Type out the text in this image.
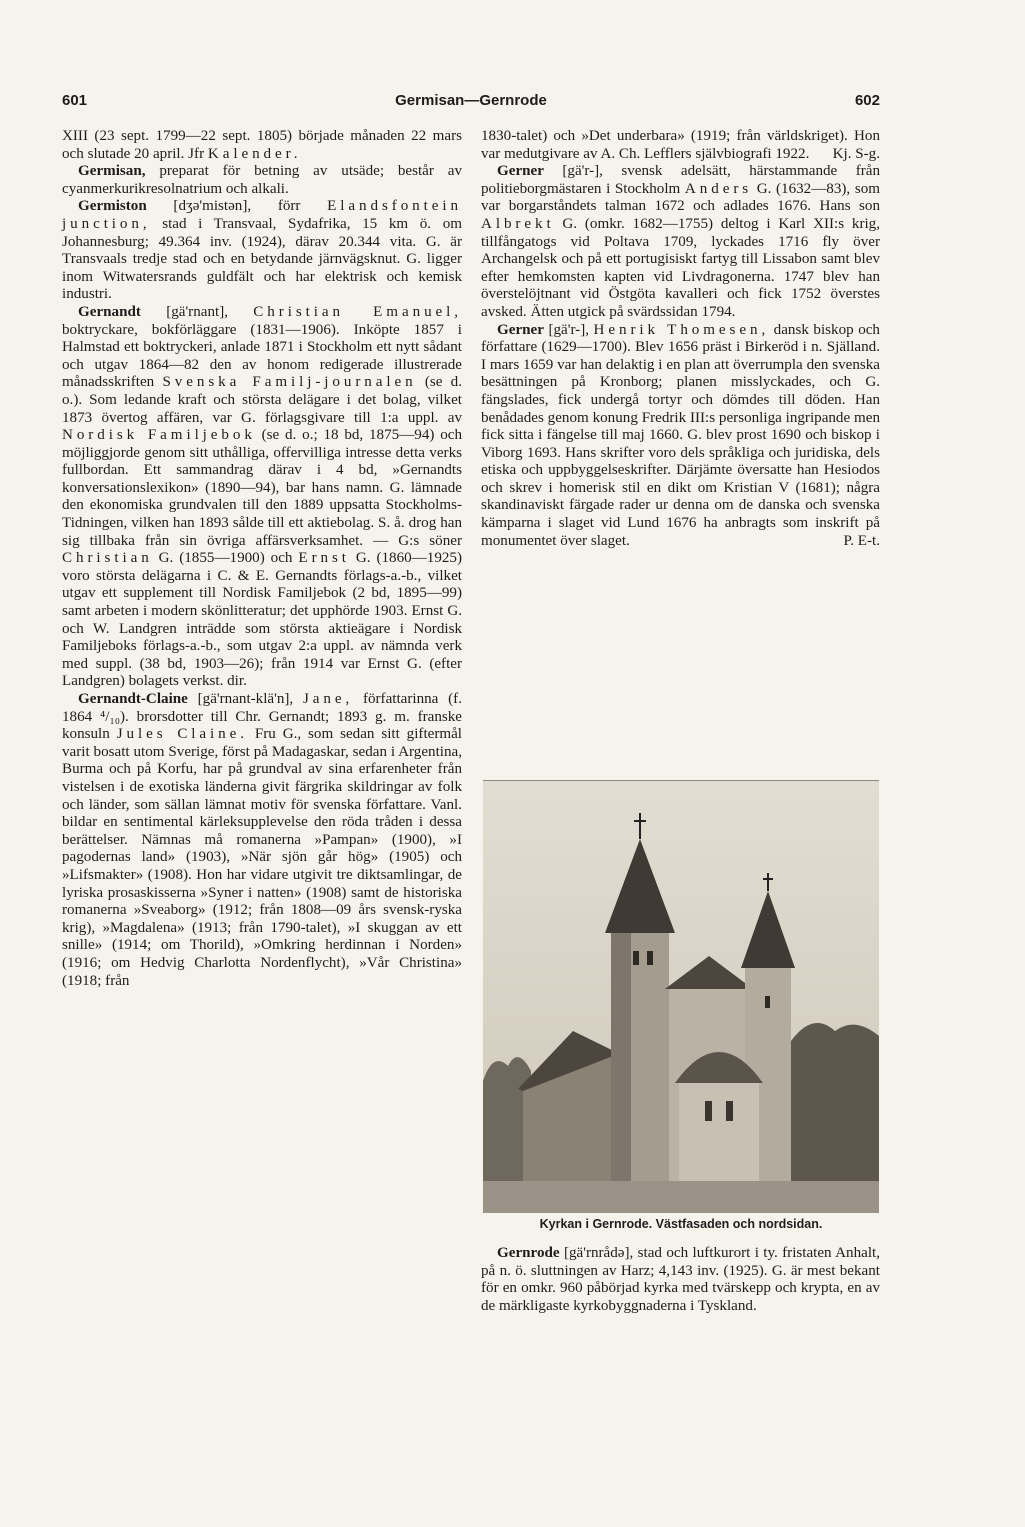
601	Germisan—Gernrode	602

XIII (23 sept. 1799—22 sept. 1805) började månaden 22 mars och slutade 20 april. Jfr Kalender.

Germisan, preparat för betning av utsäde; består av cyanmerkurikresolnatrium och alkali.

Germiston [dʒə'mistən], förr Elandsfontein junction, stad i Transvaal, Sydafrika, 15 km ö. om Johannesburg; 49.364 inv. (1924), därav 20.344 vita. G. är Transvaals tredje stad och en betydande järnvägsknut. G. ligger inom Witwatersrands guldfält och har elektrisk och kemisk industri.

Gernandt [gä'rnant], Christian Emanuel, boktryckare, bokförläggare (1831—1906). Inköpte 1857 i Halmstad ett boktryckeri, anlade 1871 i Stockholm ett nytt sådant och utgav 1864—82 den av honom redigerade illustrerade månadsskriften Svenska Familj-journalen (se d. o.). Som ledande kraft och största delägare i det bolag, vilket 1873 övertog affären, var G. förlagsgivare till 1:a uppl. av Nordisk Familjebok (se d. o.; 18 bd, 1875—94) och möjliggjorde genom sitt uthålliga, offervilliga intresse detta verks fullbordan. Ett sammandrag därav i 4 bd, »Gernandts konversationslexikon» (1890—94), bar hans namn. G. lämnade den ekonomiska grundvalen till den 1889 uppsatta Stockholms-Tidningen, vilken han 1893 sålde till ett aktiebolag. S. å. drog han sig tillbaka från sin övriga affärsverksamhet. — G:s söner Christian G. (1855—1900) och Ernst G. (1860—1925) voro största delägarna i C. & E. Gernandts förlags-a.-b., vilket utgav ett supplement till Nordisk Familjebok (2 bd, 1895—99) samt arbeten i modern skönlitteratur; det upphörde 1903. Ernst G. och W. Landgren inträdde som största aktieägare i Nordisk Familjeboks förlags-a.-b., som utgav 2:a uppl. av nämnda verk med suppl. (38 bd, 1903—26); från 1914 var Ernst G. (efter Landgren) bolagets verkst. dir.

Gernandt-Claine [gä'rnant-klä'n], Jane, författarinna (f. 1864 ⁴/₁₀). brorsdotter till Chr. Gernandt; 1893 g. m. franske konsuln Jules Claine. Fru G., som sedan sitt giftermål varit bosatt utom Sverige, först på Madagaskar, sedan i Argentina, Burma och på Korfu, har på grundval av sina erfarenheter från vistelsen i de exotiska länderna givit färgrika skildringar av folk och länder, som sällan lämnat motiv för svenska författare. Vanl. bildar en sentimental kärleksupplevelse den röda tråden i dessa berättelser. Nämnas må romanerna »Pampan» (1900), »I pagodernas land» (1903), »När sjön går hög» (1905) och »Lifsmakter» (1908). Hon har vidare utgivit tre diktsamlingar, de lyriska prosaskisserna »Syner i natten» (1908) samt de historiska romanerna »Sveaborg» (1912; från 1808—09 års svensk-ryska krig), »Magdalena» (1913; från 1790-talet), »I skuggan av ett snille» (1914; om Thorild), »Omkring herdinnan i Norden» (1916; om Hedvig Charlotta Nordenflycht), »Vår Christina» (1918; från

1830-talet) och »Det underbara» (1919; från världskriget). Hon var medutgivare av A. Ch. Lefflers självbiografi 1922. Kj. S-g.

Gerner [gä'r-], svensk adelsätt, härstammande från politieborgmästaren i Stockholm Anders G. (1632—83), som var borgarståndets talman 1672 och adlades 1676. Hans son Albrekt G. (omkr. 1682—1755) deltog i Karl XII:s krig, tillfångatogs vid Poltava 1709, lyckades 1716 fly över Archangelsk och på ett portugisiskt fartyg till Lissabon samt blev efter hemkomsten kapten vid Livdragonerna. 1747 blev han överstelöjtnant vid Östgöta kavalleri och fick 1752 överstes avsked. Ätten utgick på svärdssidan 1794.

Gerner [gä'r-], Henrik Thomesen, dansk biskop och författare (1629—1700). Blev 1656 präst i Birkeröd i n. Själland. I mars 1659 var han delaktig i en plan att överrumpla den svenska besättningen på Kronborg; planen misslyckades, och G. fängslades, fick undergå tortyr och dömdes till döden. Han benådades genom konung Fredrik III:s personliga ingripande men fick sitta i fängelse till maj 1660. G. blev prost 1690 och biskop i Viborg 1693. Hans skrifter voro dels språkliga och juridiska, dels etiska och uppbyggelseskrifter. Därjämte översatte han Hesiodos och skrev i homerisk stil en dikt om Kristian V (1681); några skandinaviskt färgade rader ur denna om de danska och svenska kämparna i slaget vid Lund 1676 ha anbragts som inskrift på monumentet över slaget.	P. E-t.

Kyrkan i Gernrode. Västfasaden och nordsidan.

Gernrode [gä'rnrådə], stad och luftkurort i ty. fristaten Anhalt, på n. ö. sluttningen av Harz; 4,143 inv. (1925). G. är mest bekant för en omkr. 960 påbörjad kyrka med tvärskepp och krypta, en av de märkligaste kyrkobyggnaderna i Tyskland.
